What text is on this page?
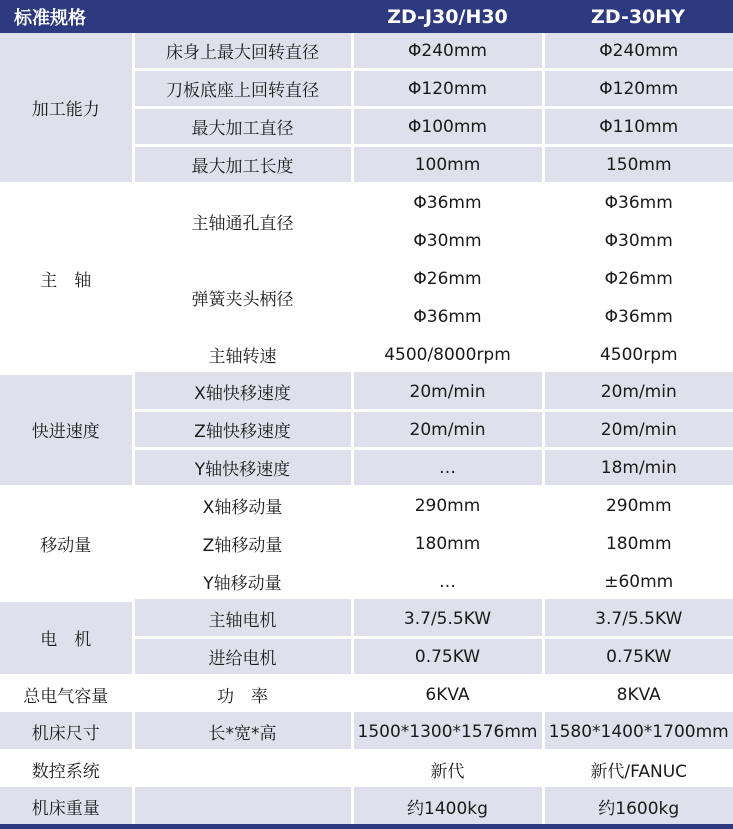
标准规格		ZD-J30/H30	ZD-30HY
加工能力	床身上最大回转直径	Φ240mm	Φ240mm
	刀板底座上回转直径	Φ120mm	Φ120mm
	最大加工直径	Φ100mm	Φ110mm
	最大加工长度	100mm	150mm
主　轴	主轴通孔直径	Φ36mm	Φ36mm
		Φ30mm	Φ30mm
	弹簧夹头柄径	Φ26mm	Φ26mm
		Φ36mm	Φ36mm
	主轴转速	4500/8000rpm	4500rpm
快进速度	X轴快移速度	20m/min	20m/min
	Z轴快移速度	20m/min	20m/min
	Y轴快移速度	…	18m/min
移动量	X轴移动量	290mm	290mm
	Z轴移动量	180mm	180mm
	Y轴移动量	…	±60mm
电　机	主轴电机	3.7/5.5KW	3.7/5.5KW
	进给电机	0.75KW	0.75KW
总电气容量	功　率	6KVA	8KVA
机床尺寸	长*宽*高	1500*1300*1576mm	1580*1400*1700mm
数控系统		新代	新代/FANUC
机床重量		约1400kg	约1600kg
